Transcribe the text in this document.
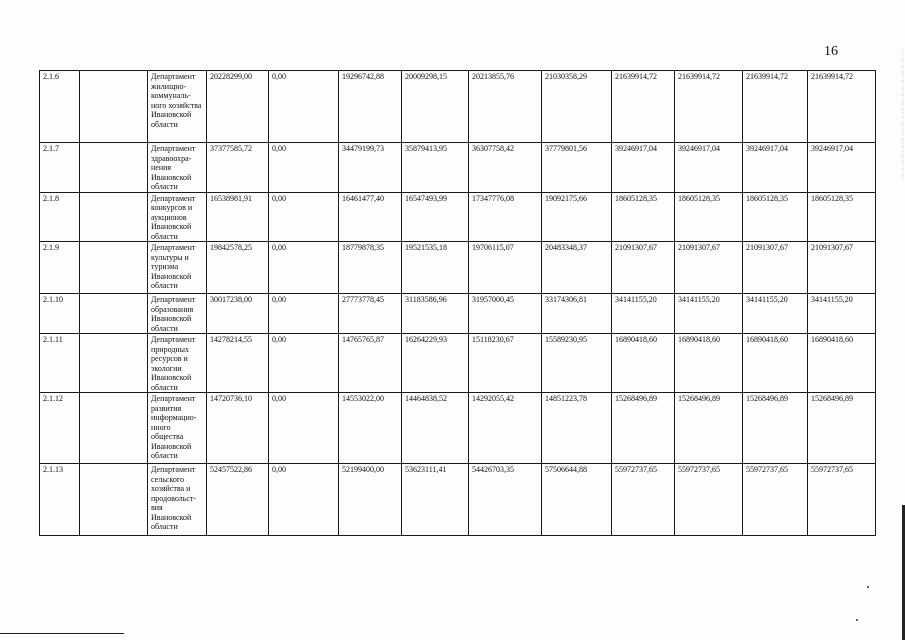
16
2.1.6		Департамент жилищно-коммуналь-ного хозяйства Ивановской области	20228299,00	0,00	19296742,88	20009298,15	20213855,76	21030358,29	21639914,72	21639914,72	21639914,72	21639914,72
2.1.7		Департамент здравоохра-нения Ивановской области	37377585,72	0,00	34479199,73	35879413,95	36307758,42	37779801,56	39246917,04	39246917,04	39246917,04	39246917,04
2.1.8		Департамент конкурсов и аукционов Ивановской области	16538981,91	0,00	16461477,40	16547493,99	17347776,08	19092175,66	18605128,35	18605128,35	18605128,35	18605128,35
2.1.9		Департамент культуры и туризма Ивановской области	19842578,25	0,00	18779878,35	19521535,18	19706115,07	20483348,37	21091307,67	21091307,67	21091307,67	21091307,67
2.1.10		Департамент образования Ивановской области	30017238,00	0,00	27773778,45	31183586,96	31957000,45	33174306,81	34141155,20	34141155,20	34141155,20	34141155,20
2.1.11		Департамент природных ресурсов и экологии Ивановской области	14278214,55	0,00	14765765,87	16264229,93	15118230,67	15589230,95	16890418,60	16890418,60	16890418,60	16890418,60
2.1.12		Департамент развития информацио-нного общества Ивановской области	14720736,10	0,00	14553022,00	14464838,52	14292055,42	14851223,78	15268496,89	15268496,89	15268496,89	15268496,89
2.1.13		Департамент сельского хозяйства и продовольст-вия Ивановской области	52457522,86	0,00	52199400,00	53623111,41	54426703,35	57506644,88	55972737,65	55972737,65	55972737,65	55972737,65
· · ··· ·· ···· ·· ··· ·· ···· ··· ·· ··· ···· ·· ··· ···· ··· ·· ···
